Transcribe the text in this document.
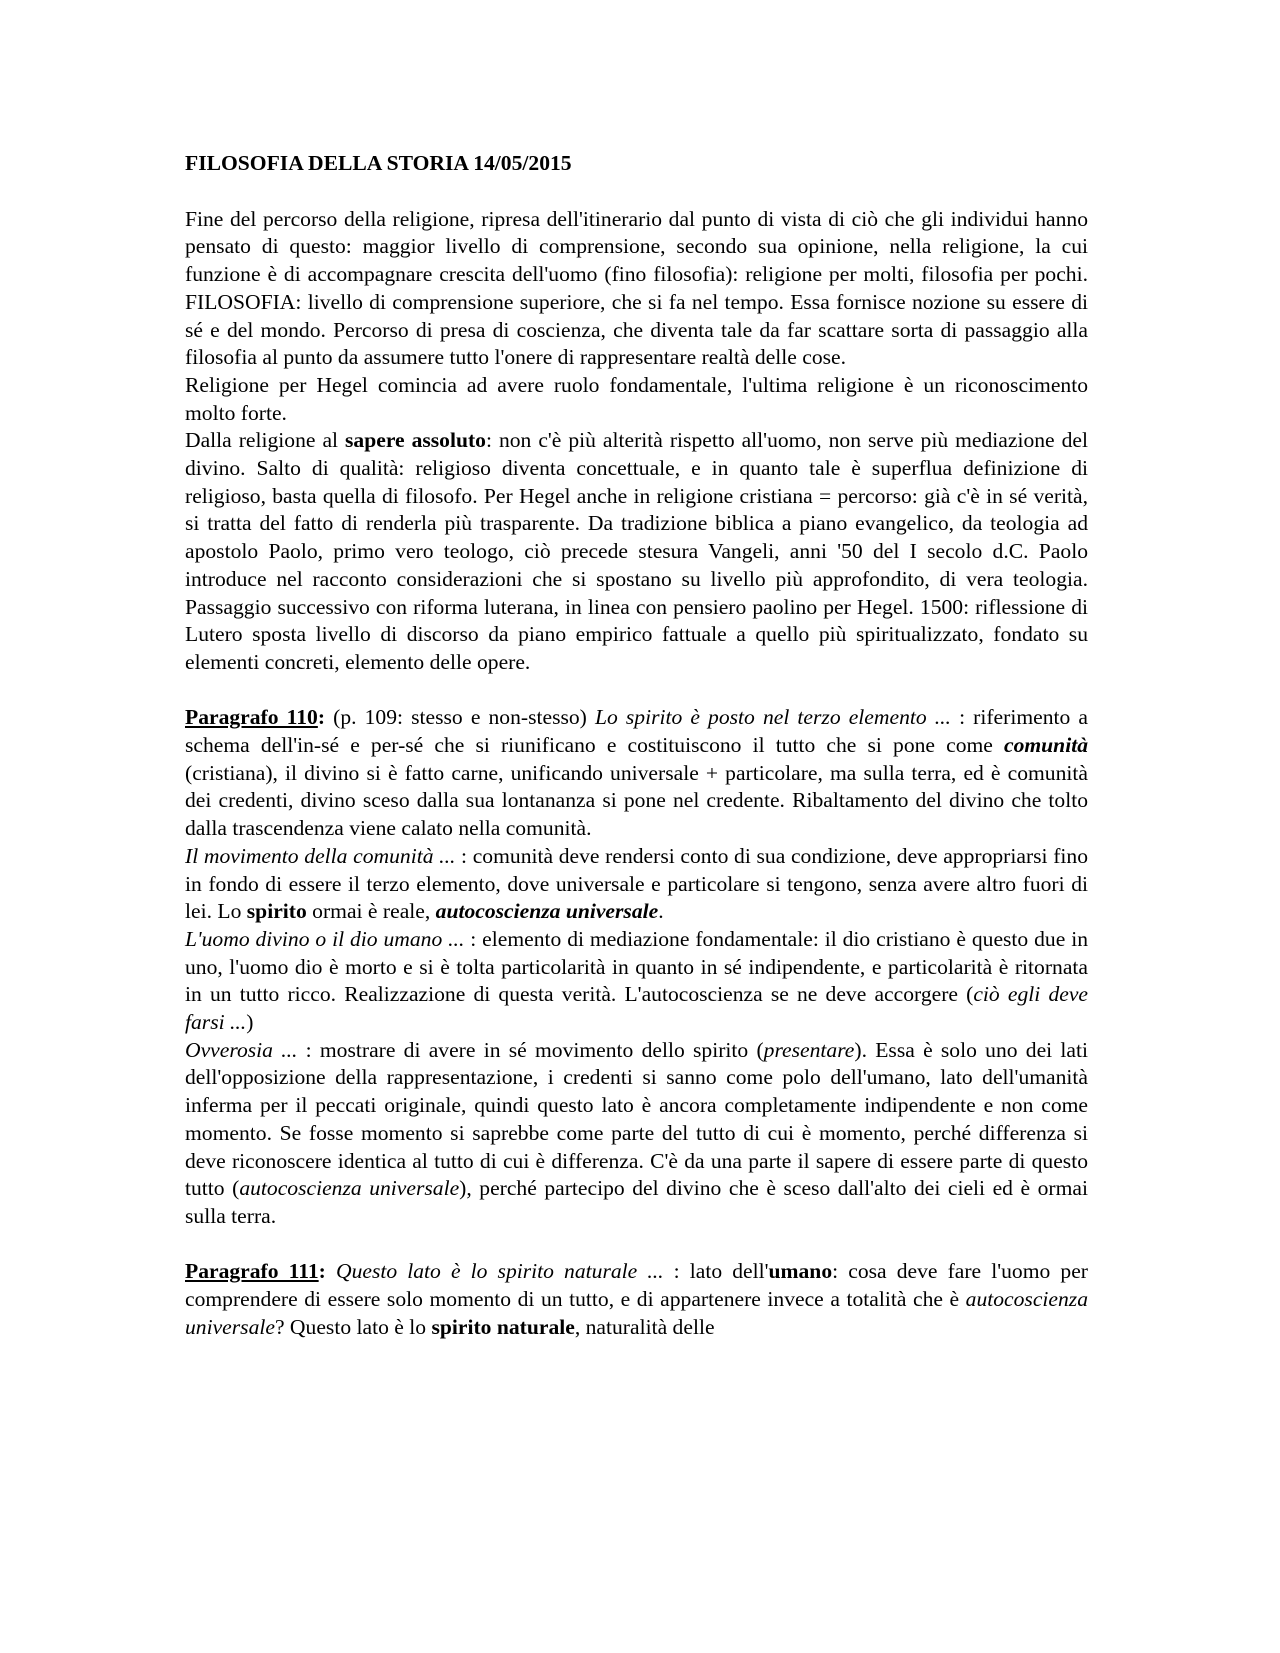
FILOSOFIA DELLA STORIA 14/05/2015

Fine del percorso della religione, ripresa dell'itinerario dal punto di vista di ciò che gli individui hanno pensato di questo: maggior livello di comprensione, secondo sua opinione, nella religione, la cui funzione è di accompagnare crescita dell'uomo (fino filosofia): religione per molti, filosofia per pochi. FILOSOFIA: livello di comprensione superiore, che si fa nel tempo. Essa fornisce nozione su essere di sé e del mondo. Percorso di presa di coscienza, che diventa tale da far scattare sorta di passaggio alla filosofia al punto da assumere tutto l'onere di rappresentare realtà delle cose.

Religione per Hegel comincia ad avere ruolo fondamentale, l'ultima religione è un riconoscimento molto forte.

Dalla religione al sapere assoluto: non c'è più alterità rispetto all'uomo, non serve più mediazione del divino. Salto di qualità: religioso diventa concettuale, e in quanto tale è superflua definizione di religioso, basta quella di filosofo. Per Hegel anche in religione cristiana = percorso: già c'è in sé verità, si tratta del fatto di renderla più trasparente. Da tradizione biblica a piano evangelico, da teologia ad apostolo Paolo, primo vero teologo, ciò precede stesura Vangeli, anni '50 del I secolo d.C. Paolo introduce nel racconto considerazioni che si spostano su livello più approfondito, di vera teologia. Passaggio successivo con riforma luterana, in linea con pensiero paolino per Hegel. 1500: riflessione di Lutero sposta livello di discorso da piano empirico fattuale a quello più spiritualizzato, fondato su elementi concreti, elemento delle opere.

Paragrafo 110: (p. 109: stesso e non-stesso) Lo spirito è posto nel terzo elemento ... : riferimento a schema dell'in-sé e per-sé che si riunificano e costituiscono il tutto che si pone come comunità (cristiana), il divino si è fatto carne, unificando universale + particolare, ma sulla terra, ed è comunità dei credenti, divino sceso dalla sua lontananza si pone nel credente. Ribaltamento del divino che tolto dalla trascendenza viene calato nella comunità.

Il movimento della comunità ... : comunità deve rendersi conto di sua condizione, deve appropriarsi fino in fondo di essere il terzo elemento, dove universale e particolare si tengono, senza avere altro fuori di lei. Lo spirito ormai è reale, autocoscienza universale.

L'uomo divino o il dio umano ... : elemento di mediazione fondamentale: il dio cristiano è questo due in uno, l'uomo dio è morto e si è tolta particolarità in quanto in sé indipendente, e particolarità è ritornata in un tutto ricco. Realizzazione di questa verità. L'autocoscienza se ne deve accorgere (ciò egli deve farsi ...)

Ovverosia ... : mostrare di avere in sé movimento dello spirito (presentare). Essa è solo uno dei lati dell'opposizione della rappresentazione, i credenti si sanno come polo dell'umano, lato dell'umanità inferma per il peccati originale, quindi questo lato è ancora completamente indipendente e non come momento. Se fosse momento si saprebbe come parte del tutto di cui è momento, perché differenza si deve riconoscere identica al tutto di cui è differenza. C'è da una parte il sapere di essere parte di questo tutto (autocoscienza universale), perché partecipo del divino che è sceso dall'alto dei cieli ed è ormai sulla terra.

Paragrafo 111: Questo lato è lo spirito naturale ... : lato dell'umano: cosa deve fare l'uomo per comprendere di essere solo momento di un tutto, e di appartenere invece a totalità che è autocoscienza universale? Questo lato è lo spirito naturale, naturalità delle
